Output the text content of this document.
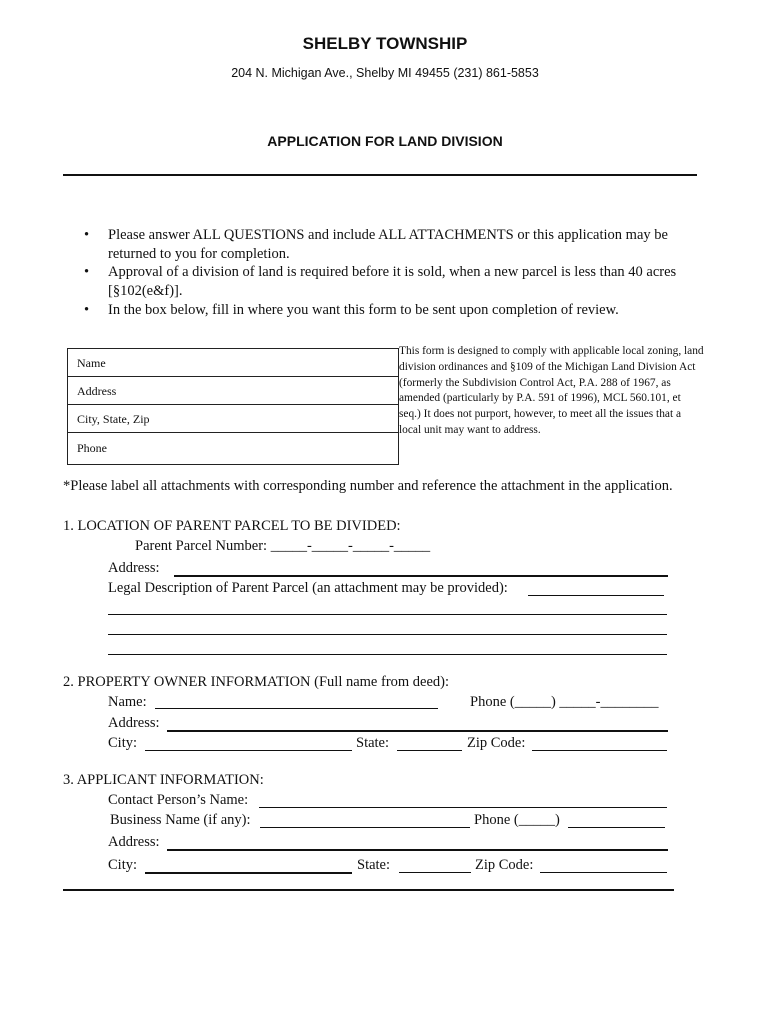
SHELBY TOWNSHIP
204 N. Michigan Ave., Shelby MI 49455 (231) 861-5853
APPLICATION FOR LAND DIVISION
• Please answer ALL QUESTIONS and include ALL ATTACHMENTS or this application may be
returned to you for completion.
• Approval of a division of land is required before it is sold, when a new parcel is less than 40 acres
[§102(e&f)].
• In the box below, fill in where you want this form to be sent upon completion of review.
Name
Address
City, State, Zip
Phone
This form is designed to comply with applicable local zoning, land division ordinances and §109 of the Michigan Land Division Act (formerly the Subdivision Control Act, P.A. 288 of 1967, as amended (particularly by P.A. 591 of 1996), MCL 560.101, et seq.) It does not purport, however, to meet all the issues that a local unit may want to address.
*Please label all attachments with corresponding number and reference the attachment in the application.
1. LOCATION OF PARENT PARCEL TO BE DIVIDED:
Parent Parcel Number: _____-_____-_____-_____
Address:
Legal Description of Parent Parcel (an attachment may be provided):
2. PROPERTY OWNER INFORMATION (Full name from deed):
Name:	Phone (_____) _____-________
Address:
City:	State:	Zip Code:
3. APPLICANT INFORMATION:
Contact Person’s Name:
Business Name (if any):	Phone (_____)
Address:
City:	State:	Zip Code:
